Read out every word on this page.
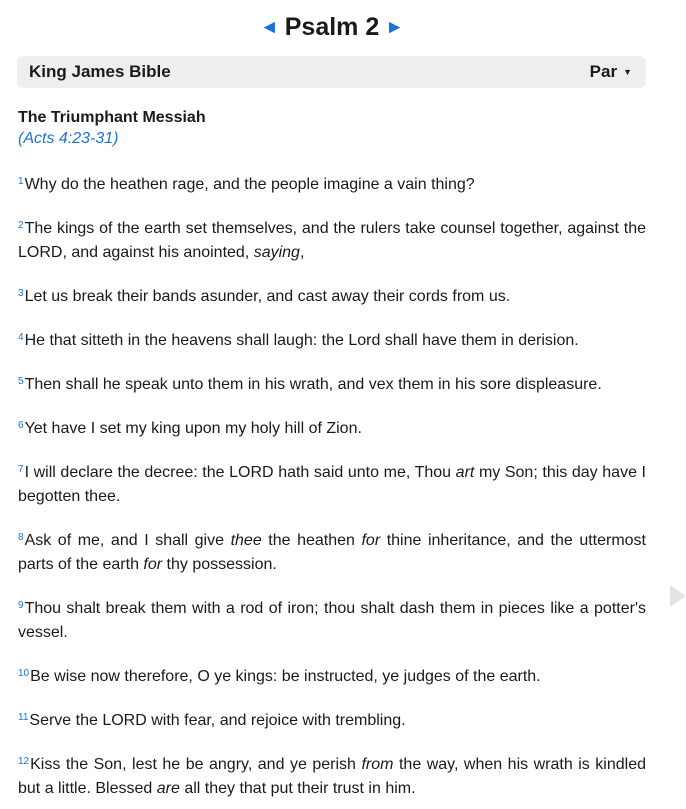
◄ Psalm 2 ►
King James Bible	Par ▼
The Triumphant Messiah
(Acts 4:23-31)
$^1$Why do the heathen rage, and the people imagine a vain thing?
$^2$The kings of the earth set themselves, and the rulers take counsel together, against the LORD, and against his anointed, saying,
$^3$Let us break their bands asunder, and cast away their cords from us.
$^4$He that sitteth in the heavens shall laugh: the Lord shall have them in derision.
$^5$Then shall he speak unto them in his wrath, and vex them in his sore displeasure.
$^6$Yet have I set my king upon my holy hill of Zion.
$^7$I will declare the decree: the LORD hath said unto me, Thou art my Son; this day have I begotten thee.
$^8$Ask of me, and I shall give thee the heathen for thine inheritance, and the uttermost parts of the earth for thy possession.
$^9$Thou shalt break them with a rod of iron; thou shalt dash them in pieces like a potter's vessel.
$^{10}$Be wise now therefore, O ye kings: be instructed, ye judges of the earth.
$^{11}$Serve the LORD with fear, and rejoice with trembling.
$^{12}$Kiss the Son, lest he be angry, and ye perish from the way, when his wrath is kindled but a little. Blessed are all they that put their trust in him.
